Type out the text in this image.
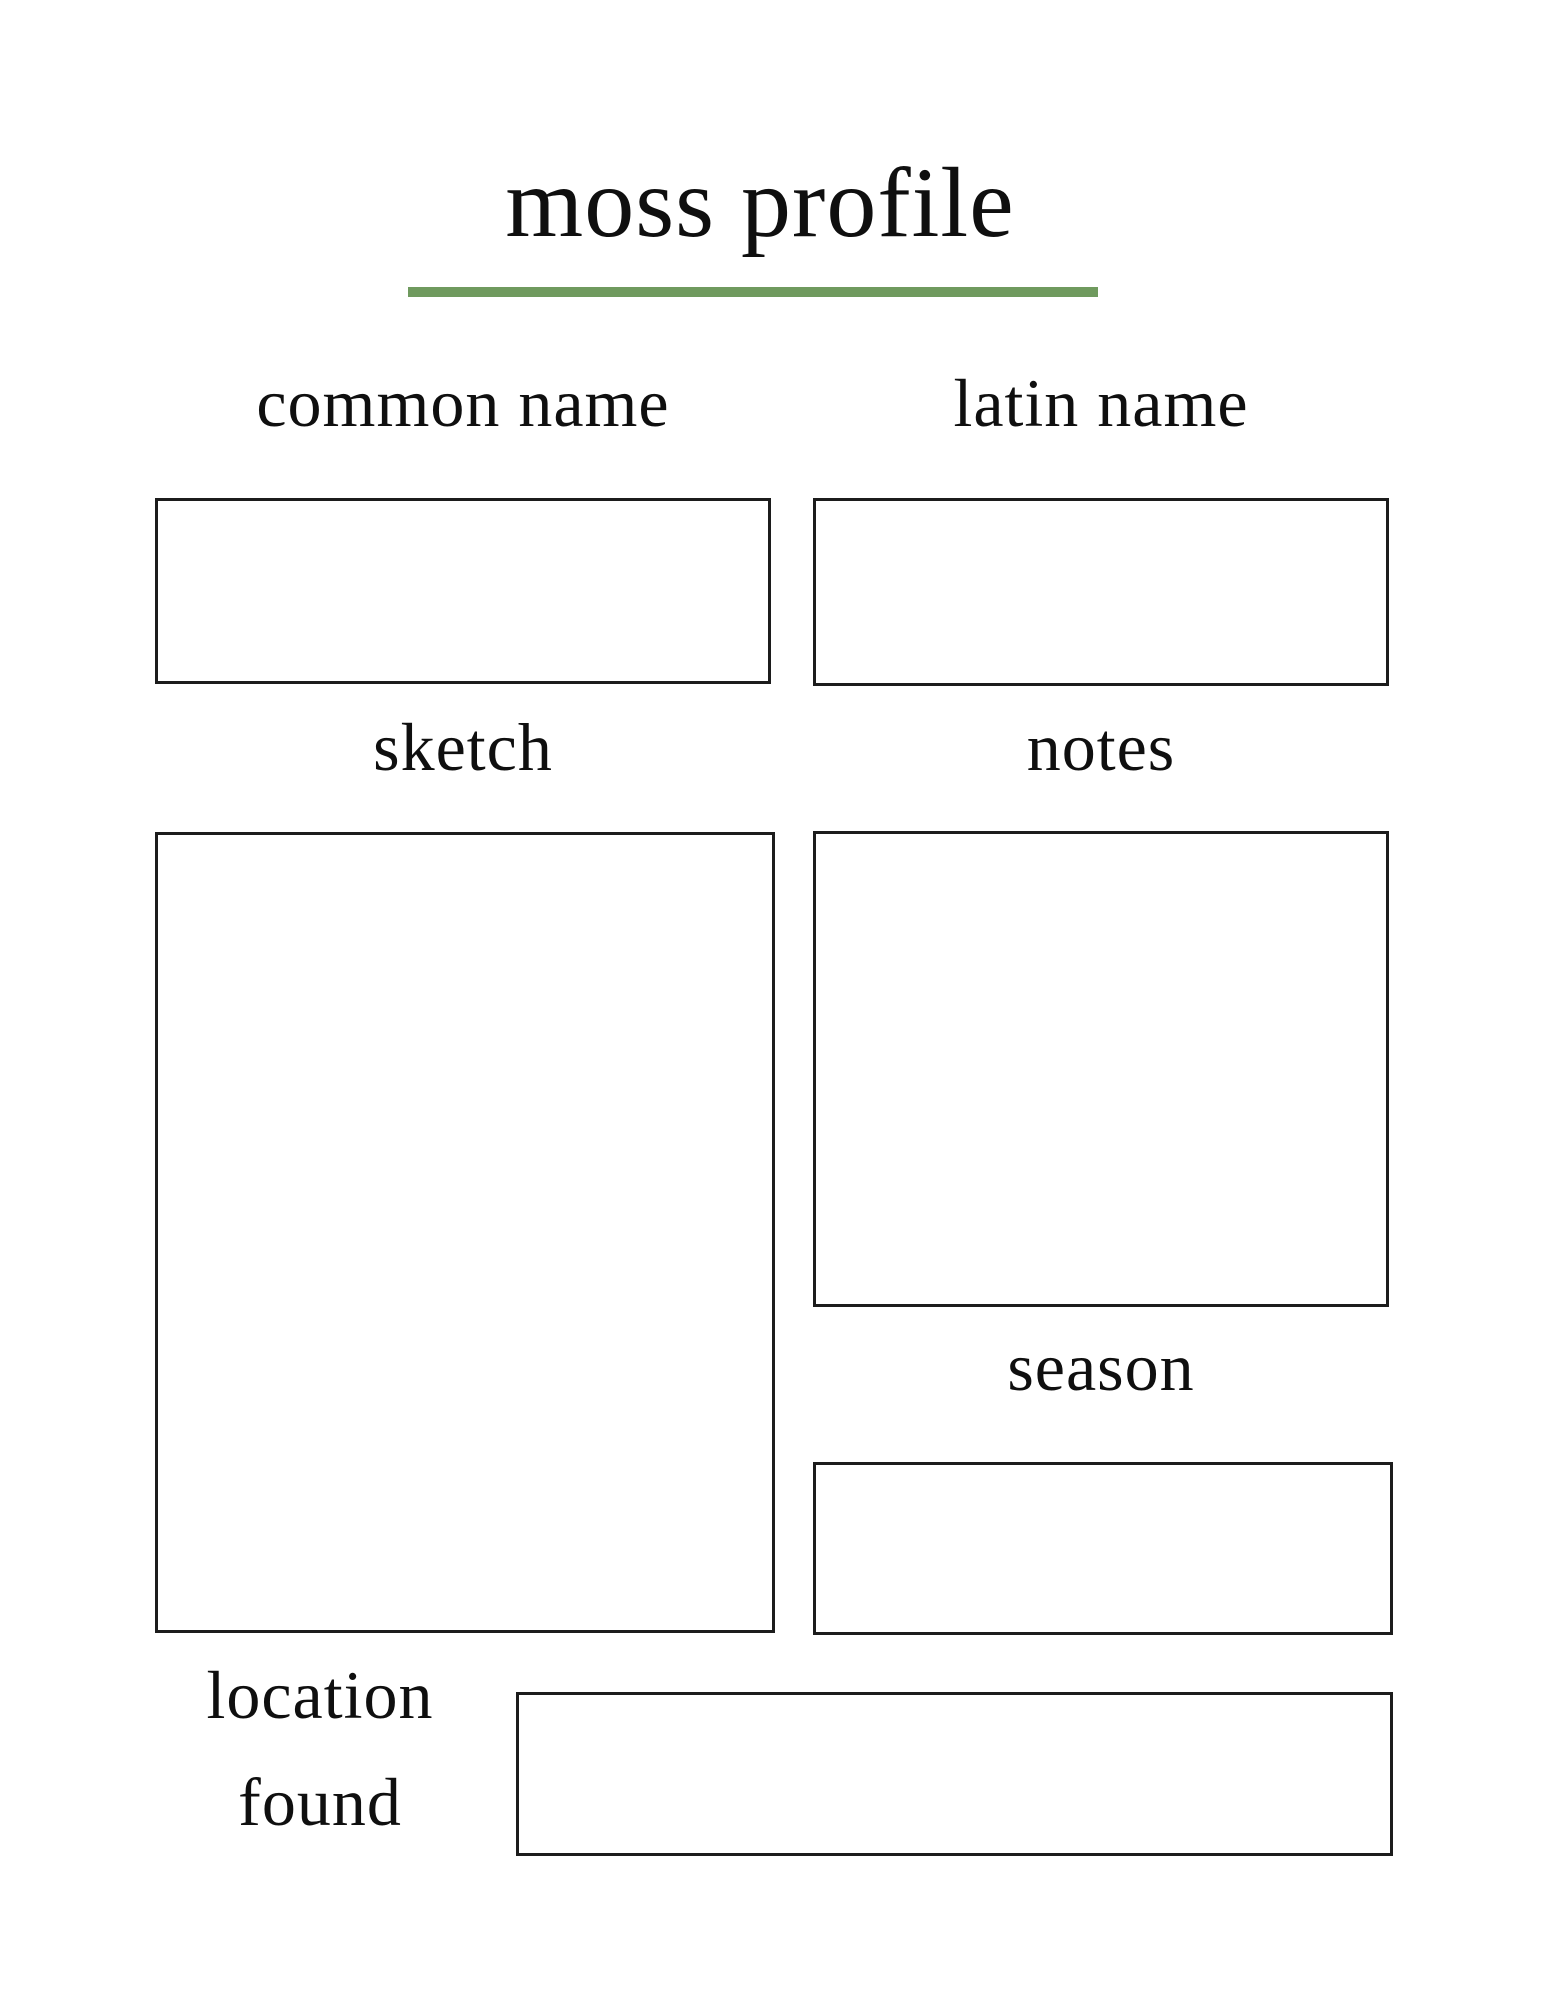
moss profile
common name	latin name
sketch	notes
season
location
found
